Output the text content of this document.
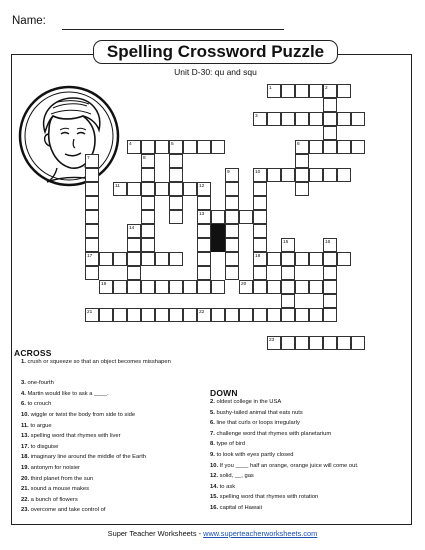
Name:
Spelling Crossword Puzzle
Unit D-30: qu and squ
1	2
3
4	5	6
7	8
9	10
11	12
13
14
15	16
17	18
19	20
21	22
23
ACROSS
1. crush or squeeze so that an object becomes misshapen
3. one-fourth
4. Martin would like to ask a ____.
6. to crouch
10. wiggle or twist the body from side to side
11. to argue
13. spelling word that rhymes with liver
17. to disguise
18. imaginary line around the middle of the Earth
19. antonym for noisier
20. third planet from the sun
21. sound a mouse makes
22. a bunch of flowers
23. overcome and take control of
DOWN
2. oldest college in the USA
5. bushy-tailed animal that eats nuts
6. line that curls or loops irregularly
7. challenge word that rhymes with planetarium
8. type of bird
9. to look with eyes partly closed
10. If you ____ half an orange, orange juice will come out.
12. solid, __, gas
14. to ask
15. spelling word that rhymes with rotation
16. capital of Hawaii
Super Teacher Worksheets - www.superteacherworksheets.com
